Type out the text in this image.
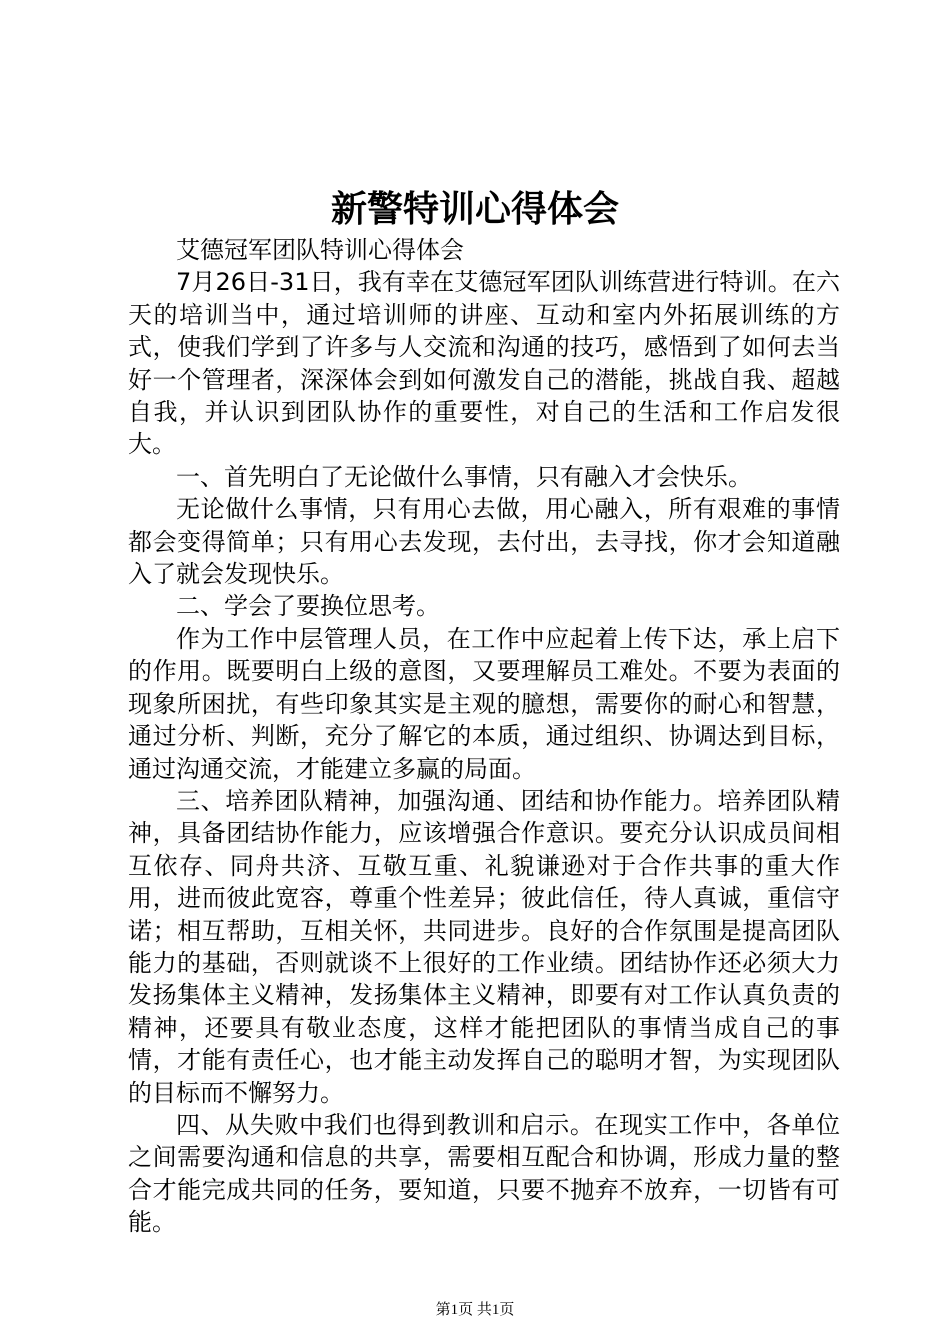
新警特训心得体会

艾德冠军团队特训心得体会

7月26日-31日，我有幸在艾德冠军团队训练营进行特训。在六天的培训当中，通过培训师的讲座、互动和室内外拓展训练的方式，使我们学到了许多与人交流和沟通的技巧，感悟到了如何去当好一个管理者，深深体会到如何激发自己的潜能，挑战自我、超越自我，并认识到团队协作的重要性，对自己的生活和工作启发很大。

一、首先明白了无论做什么事情，只有融入才会快乐。

无论做什么事情，只有用心去做，用心融入，所有艰难的事情都会变得简单；只有用心去发现，去付出，去寻找，你才会知道融入了就会发现快乐。

二、学会了要换位思考。

作为工作中层管理人员，在工作中应起着上传下达，承上启下的作用。既要明白上级的意图，又要理解员工难处。不要为表面的现象所困扰，有些印象其实是主观的臆想，需要你的耐心和智慧，通过分析、判断，充分了解它的本质，通过组织、协调达到目标，通过沟通交流，才能建立多赢的局面。

三、培养团队精神，加强沟通、团结和协作能力。培养团队精神，具备团结协作能力，应该增强合作意识。要充分认识成员间相互依存、同舟共济、互敬互重、礼貌谦逊对于合作共事的重大作用，进而彼此宽容，尊重个性差异；彼此信任，待人真诚，重信守诺；相互帮助，互相关怀，共同进步。良好的合作氛围是提高团队能力的基础，否则就谈不上很好的工作业绩。团结协作还必须大力发扬集体主义精神，发扬集体主义精神，即要有对工作认真负责的精神，还要具有敬业态度，这样才能把团队的事情当成自己的事情，才能有责任心，也才能主动发挥自己的聪明才智，为实现团队的目标而不懈努力。

四、从失败中我们也得到教训和启示。在现实工作中，各单位之间需要沟通和信息的共享，需要相互配合和协调，形成力量的整合才能完成共同的任务，要知道，只要不抛弃不放弃，一切皆有可能。

第1页 共1页
